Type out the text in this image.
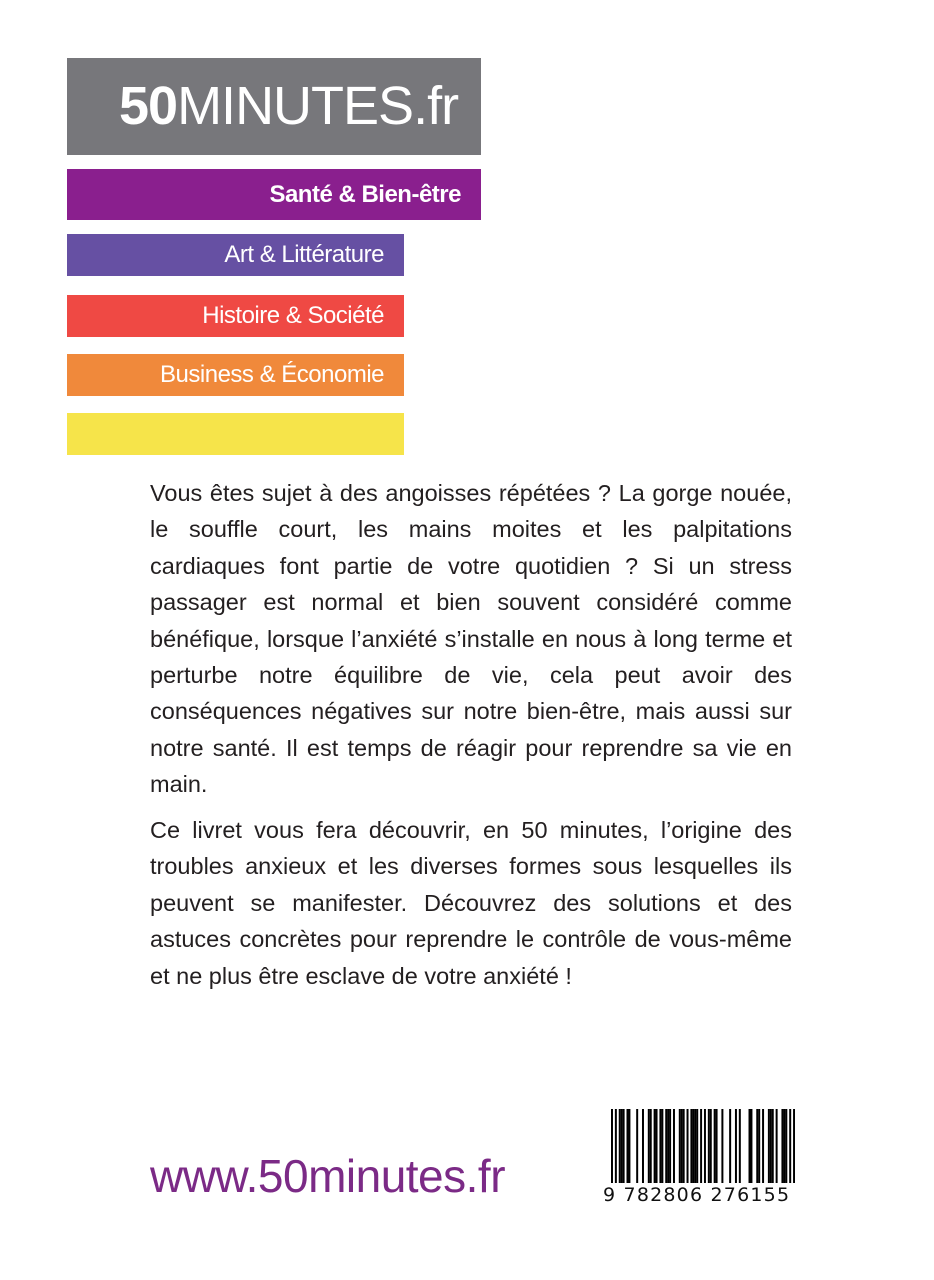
50MINUTES.fr
Santé & Bien-être
Art & Littérature
Histoire & Société
Business & Économie

Vous êtes sujet à des angoisses répétées ? La gorge nouée, le souffle court, les mains moites et les palpitations cardiaques font partie de votre quotidien ? Si un stress passager est normal et bien souvent considéré comme bénéfique, lorsque l’anxiété s’installe en nous à long terme et perturbe notre équilibre de vie, cela peut avoir des conséquences négatives sur notre bien-être, mais aussi sur notre santé. Il est temps de réagir pour reprendre sa vie en main.

Ce livret vous fera découvrir, en 50 minutes, l’origine des troubles anxieux et les diverses formes sous lesquelles ils peuvent se manifester. Découvrez des solutions et des astuces concrètes pour reprendre le contrôle de vous-même et ne plus être esclave de votre anxiété !

www.50minutes.fr	9 782806 276155
